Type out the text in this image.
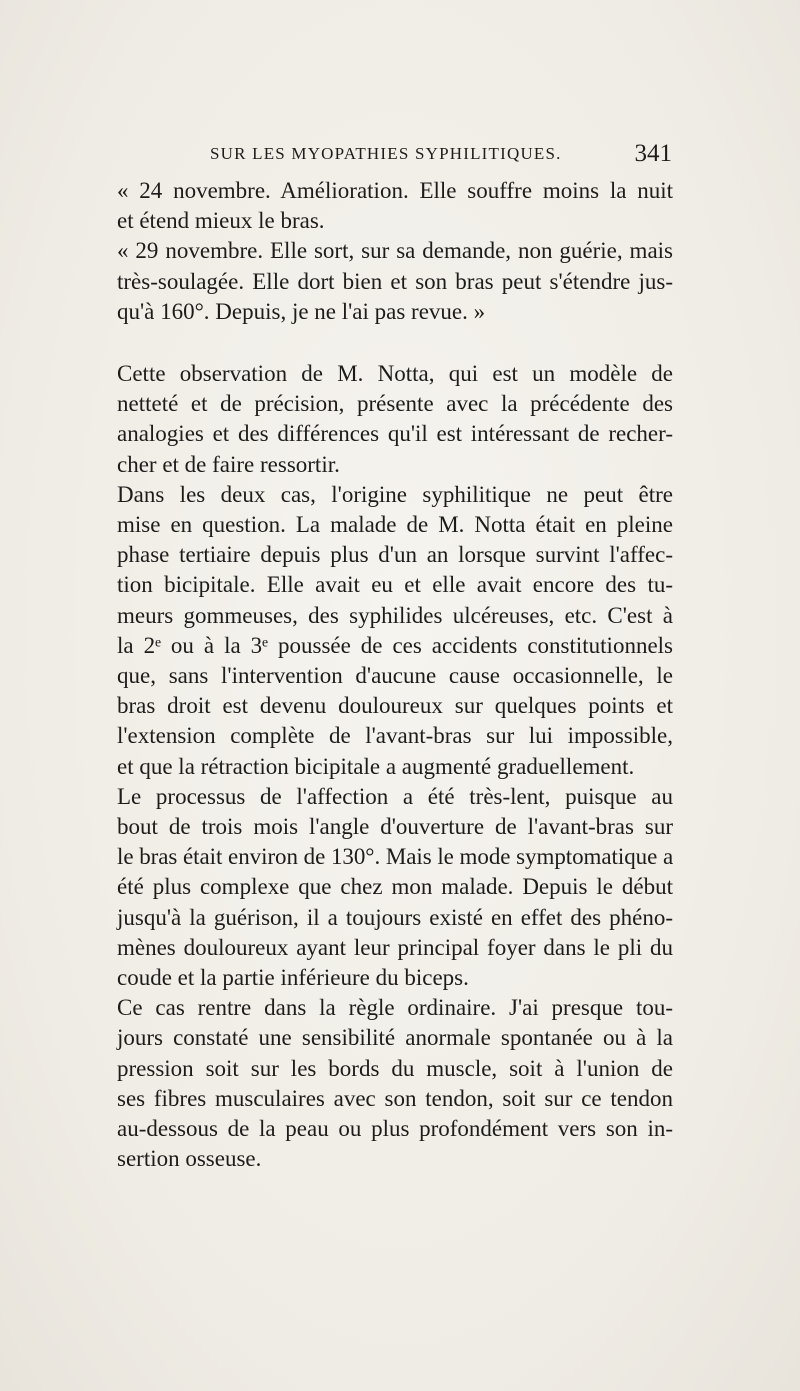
SUR LES MYOPATHIES SYPHILITIQUES.	341

« 24 novembre. Amélioration. Elle souffre moins la nuit
et étend mieux le bras.

« 29 novembre. Elle sort, sur sa demande, non guérie, mais
très-soulagée. Elle dort bien et son bras peut s'étendre jus-
qu'à 160°. Depuis, je ne l'ai pas revue. »

Cette observation de M. Notta, qui est un modèle de
netteté et de précision, présente avec la précédente des
analogies et des différences qu'il est intéressant de recher-
cher et de faire ressortir.

Dans les deux cas, l'origine syphilitique ne peut être
mise en question. La malade de M. Notta était en pleine
phase tertiaire depuis plus d'un an lorsque survint l'affec-
tion bicipitale. Elle avait eu et elle avait encore des tu-
meurs gommeuses, des syphilides ulcéreuses, etc. C'est à
la 2ᵉ ou à la 3ᵉ poussée de ces accidents constitutionnels
que, sans l'intervention d'aucune cause occasionnelle, le
bras droit est devenu douloureux sur quelques points et
l'extension complète de l'avant-bras sur lui impossible,
et que la rétraction bicipitale a augmenté graduellement.

Le processus de l'affection a été très-lent, puisque au
bout de trois mois l'angle d'ouverture de l'avant-bras sur
le bras était environ de 130°. Mais le mode symptomatique a
été plus complexe que chez mon malade. Depuis le début
jusqu'à la guérison, il a toujours existé en effet des phéno-
mènes douloureux ayant leur principal foyer dans le pli du
coude et la partie inférieure du biceps.

Ce cas rentre dans la règle ordinaire. J'ai presque tou-
jours constaté une sensibilité anormale spontanée ou à la
pression soit sur les bords du muscle, soit à l'union de
ses fibres musculaires avec son tendon, soit sur ce tendon
au-dessous de la peau ou plus profondément vers son in-
sertion osseuse.
